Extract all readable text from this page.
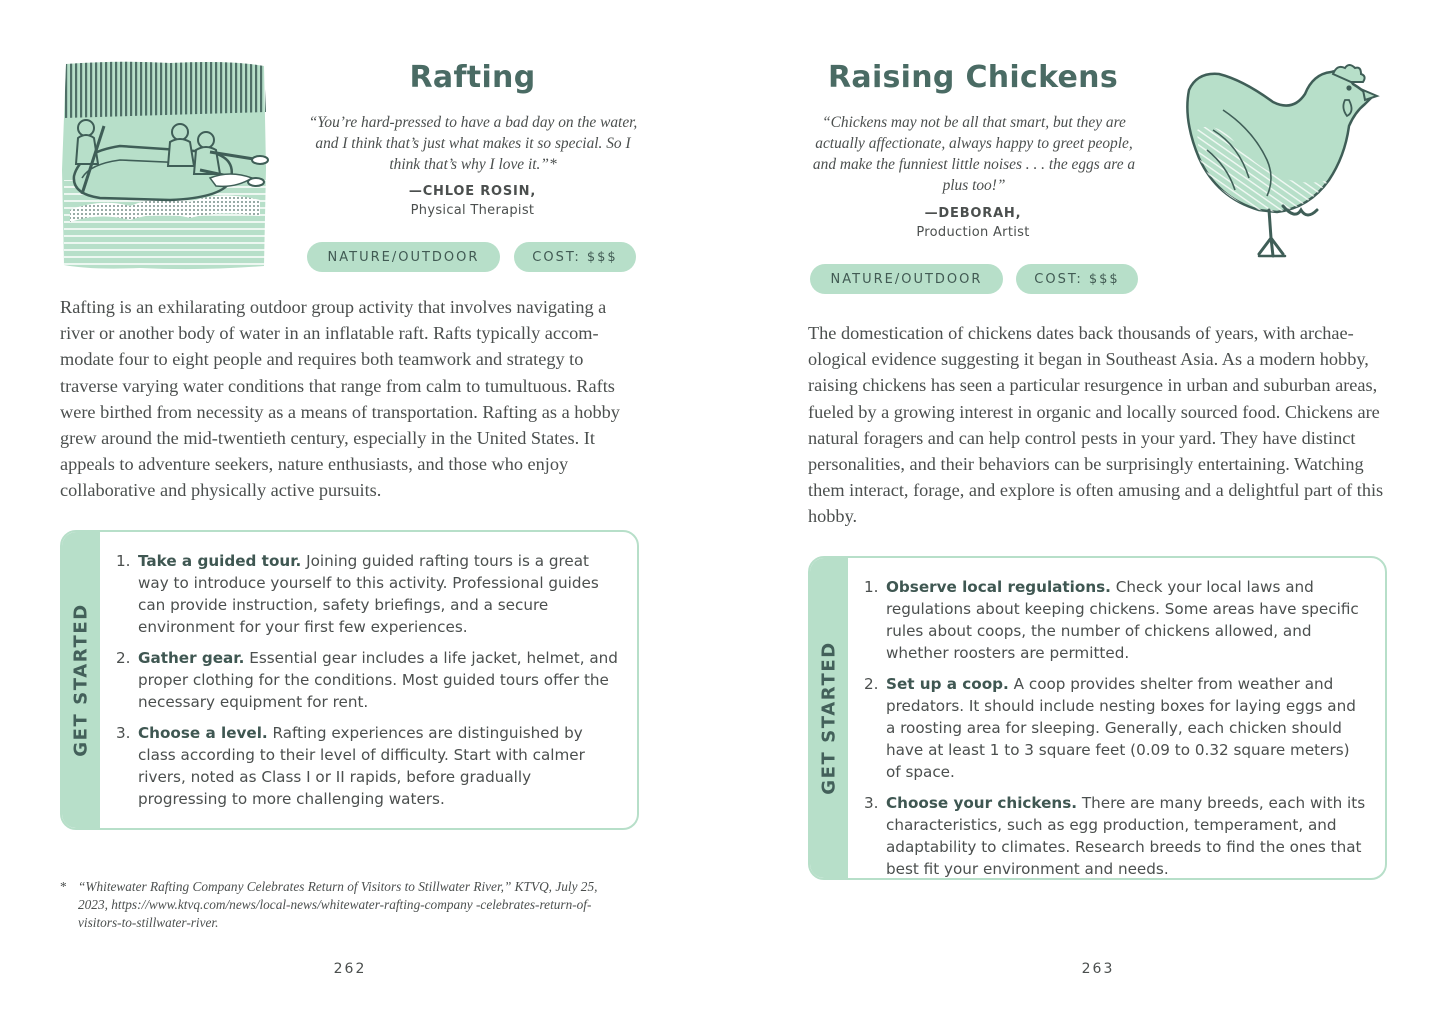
Rafting

“You’re hard-pressed to have a bad day on the water, and I think that’s just what makes it so special. So I think that’s why I love it.”*

—CHLOE ROSIN,
Physical Therapist
NATURE/OUTDOOR	COST: $$$

Rafting is an exhilarating outdoor group activity that involves navigating a river or another body of water in an inflatable raft. Rafts typically accommodate four to eight people and requires both teamwork and strategy to traverse varying water conditions that range from calm to tumultuous. Rafts were birthed from necessity as a means of transportation. Rafting as a hobby grew around the mid-twentieth century, especially in the United States. It appeals to adventure seekers, nature enthusiasts, and those who enjoy collaborative and physically active pursuits.

GET STARTED
1. Take a guided tour. Joining guided rafting tours is a great way to introduce yourself to this activity. Professional guides can provide instruction, safety briefings, and a secure environment for your first few experiences.
2. Gather gear. Essential gear includes a life jacket, helmet, and proper clothing for the conditions. Most guided tours offer the necessary equipment for rent.
3. Choose a level. Rafting experiences are distinguished by class according to their level of difficulty. Start with calmer rivers, noted as Class I or II rapids, before gradually progressing to more challenging waters.

* “Whitewater Rafting Company Celebrates Return of Visitors to Stillwater River,” KTVQ, July 25, 2023, https://www.ktvq.com/news/local-news/whitewater-rafting-company -celebrates-return-of-visitors-to-stillwater-river.

262
Raising Chickens

“Chickens may not be all that smart, but they are actually affectionate, always happy to greet people, and make the funniest little noises . . . the eggs are a plus too!”

—DEBORAH,
Production Artist
NATURE/OUTDOOR	COST: $$$

The domestication of chickens dates back thousands of years, with archaeological evidence suggesting it began in Southeast Asia. As a modern hobby, raising chickens has seen a particular resurgence in urban and suburban areas, fueled by a growing interest in organic and locally sourced food. Chickens are natural foragers and can help control pests in your yard. They have distinct personalities, and their behaviors can be surprisingly entertaining. Watching them interact, forage, and explore is often amusing and a delightful part of this hobby.

GET STARTED
1. Observe local regulations. Check your local laws and regulations about keeping chickens. Some areas have specific rules about coops, the number of chickens allowed, and whether roosters are permitted.
2. Set up a coop. A coop provides shelter from weather and predators. It should include nesting boxes for laying eggs and a roosting area for sleeping. Generally, each chicken should have at least 1 to 3 square feet (0.09 to 0.32 square meters) of space.
3. Choose your chickens. There are many breeds, each with its characteristics, such as egg production, temperament, and adaptability to climates. Research breeds to find the ones that best fit your environment and needs.
263
